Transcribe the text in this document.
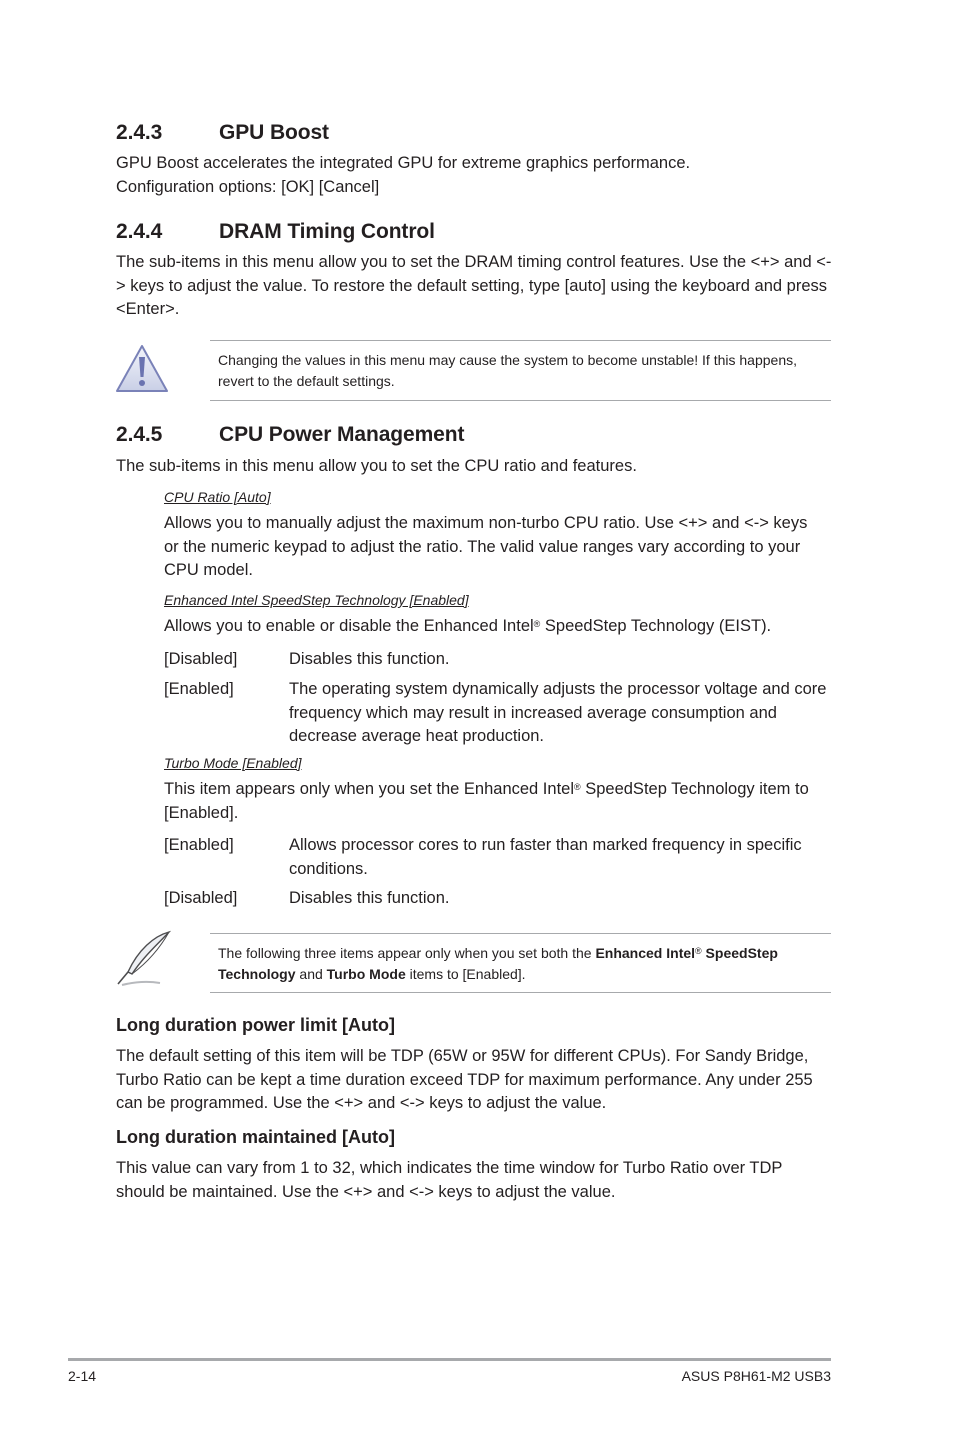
2.4.3	GPU Boost
GPU Boost accelerates the integrated GPU for extreme graphics performance.
Configuration options: [OK] [Cancel]
2.4.4	DRAM Timing Control
The sub-items in this menu allow you to set the DRAM timing control features. Use the <+> and <-> keys to adjust the value. To restore the default setting, type [auto] using the keyboard and press <Enter>.
Changing the values in this menu may cause the system to become unstable! If this happens, revert to the default settings.
2.4.5	CPU Power Management
The sub-items in this menu allow you to set the CPU ratio and features.
CPU Ratio [Auto]
Allows you to manually adjust the maximum non-turbo CPU ratio. Use <+> and <-> keys or the numeric keypad to adjust the ratio. The valid value ranges vary according to your CPU model.
Enhanced Intel SpeedStep Technology [Enabled]
Allows you to enable or disable the Enhanced Intel® SpeedStep Technology (EIST).
[Disabled]	Disables this function.
[Enabled]	The operating system dynamically adjusts the processor voltage and core frequency which may result in increased average consumption and decrease average heat production.
Turbo Mode [Enabled]
This item appears only when you set the Enhanced Intel® SpeedStep Technology item to [Enabled].
[Enabled]	Allows processor cores to run faster than marked frequency in specific conditions.
[Disabled]	Disables this function.
The following three items appear only when you set both the Enhanced Intel® SpeedStep Technology and Turbo Mode items to [Enabled].
Long duration power limit [Auto]
The default setting of this item will be TDP (65W or 95W for different CPUs). For Sandy Bridge, Turbo Ratio can be kept a time duration exceed TDP for maximum performance. Any under 255 can be programmed. Use the <+> and <-> keys to adjust the value.
Long duration maintained [Auto]
This value can vary from 1 to 32, which indicates the time window for Turbo Ratio over TDP should be maintained. Use the <+> and <-> keys to adjust the value.
2-14	ASUS P8H61-M2 USB3
